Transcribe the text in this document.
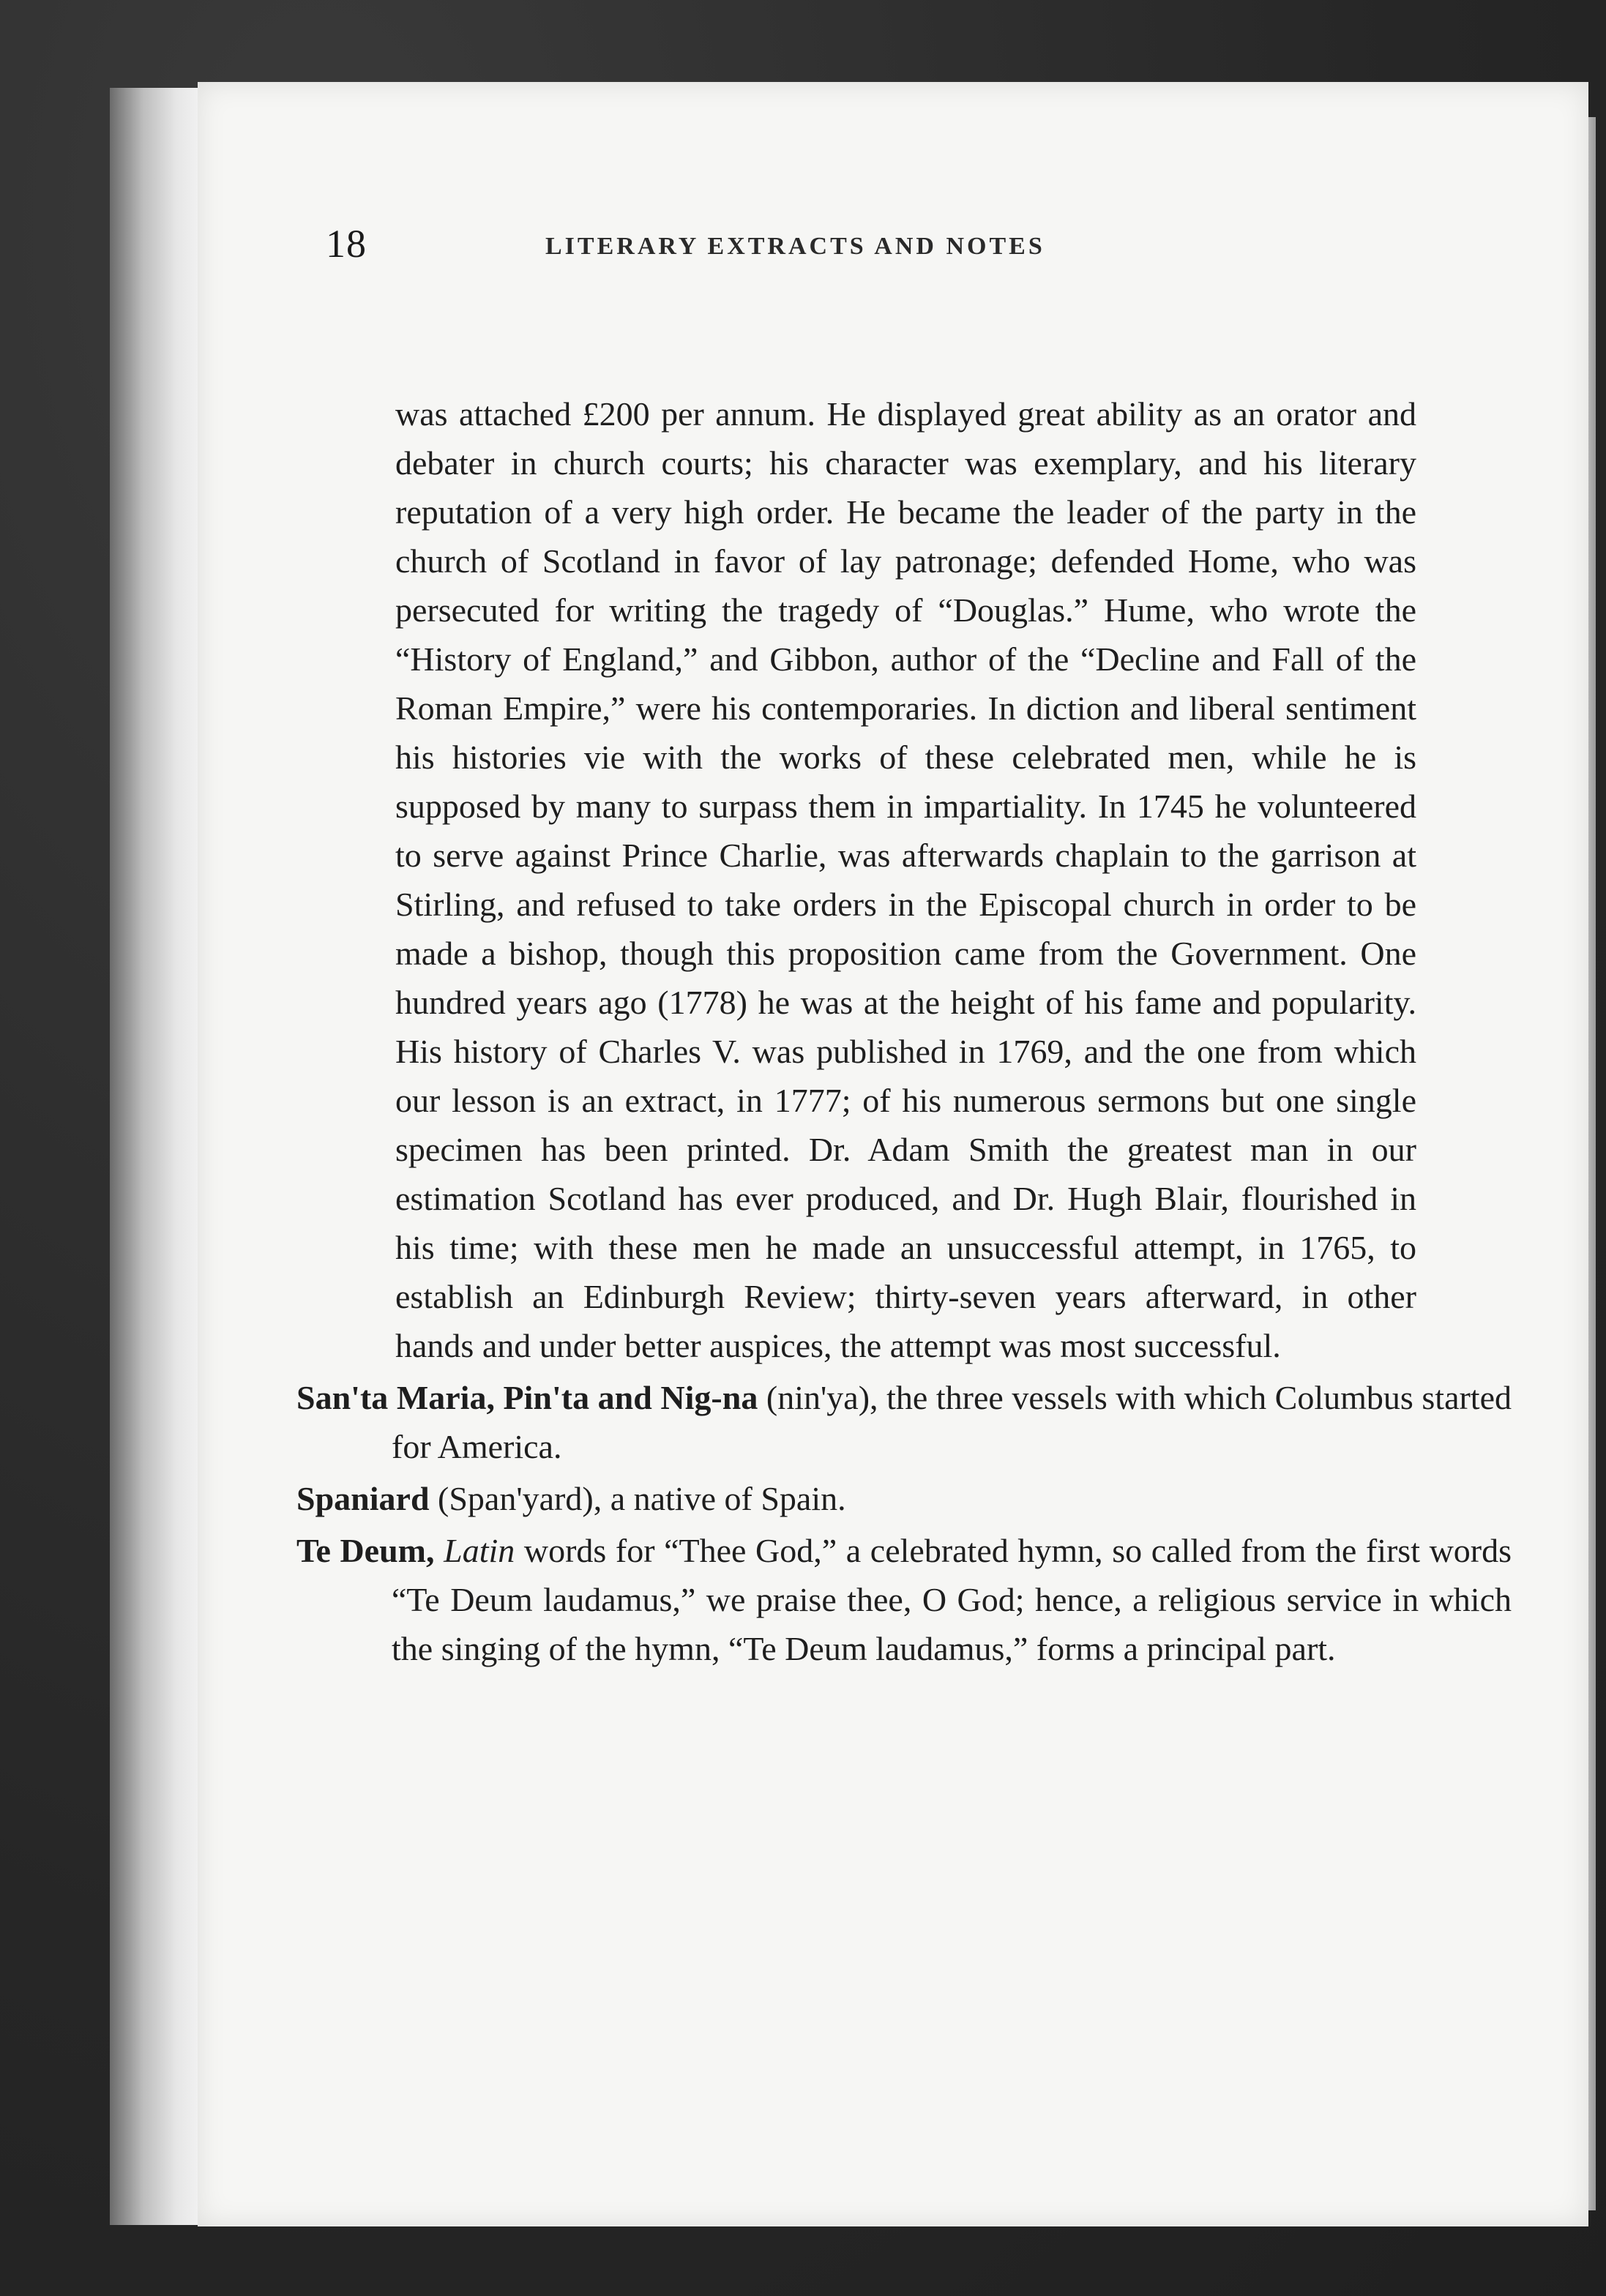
18	LITERARY EXTRACTS AND NOTES

was attached £200 per annum. He displayed great ability as an orator and debater in church courts; his character was exemplary, and his literary reputation of a very high order. He became the leader of the party in the church of Scotland in favor of lay patronage; defended Home, who was persecuted for writing the tragedy of “Douglas.” Hume, who wrote the “History of England,” and Gibbon, author of the “Decline and Fall of the Roman Empire,” were his contemporaries. In diction and liberal sentiment his histories vie with the works of these celebrated men, while he is supposed by many to surpass them in impartiality. In 1745 he volunteered to serve against Prince Charlie, was afterwards chaplain to the garrison at Stirling, and refused to take orders in the Episcopal church in order to be made a bishop, though this proposition came from the Government. One hundred years ago (1778) he was at the height of his fame and popularity. His history of Charles V. was published in 1769, and the one from which our lesson is an extract, in 1777; of his numerous sermons but one single specimen has been printed. Dr. Adam Smith the greatest man in our estimation Scotland has ever produced, and Dr. Hugh Blair, flourished in his time; with these men he made an unsuccessful attempt, in 1765, to establish an Edinburgh Review; thirty-seven years afterward, in other hands and under better auspices, the attempt was most successful.

San'ta Maria, Pin'ta and Nig-na (nin'ya), the three vessels with which Columbus started for America.

Spaniard (Span'yard), a native of Spain.

Te Deum, Latin words for “Thee God,” a celebrated hymn, so called from the first words “Te Deum laudamus,” we praise thee, O God; hence, a religious service in which the singing of the hymn, “Te Deum laudamus,” forms a principal part.
